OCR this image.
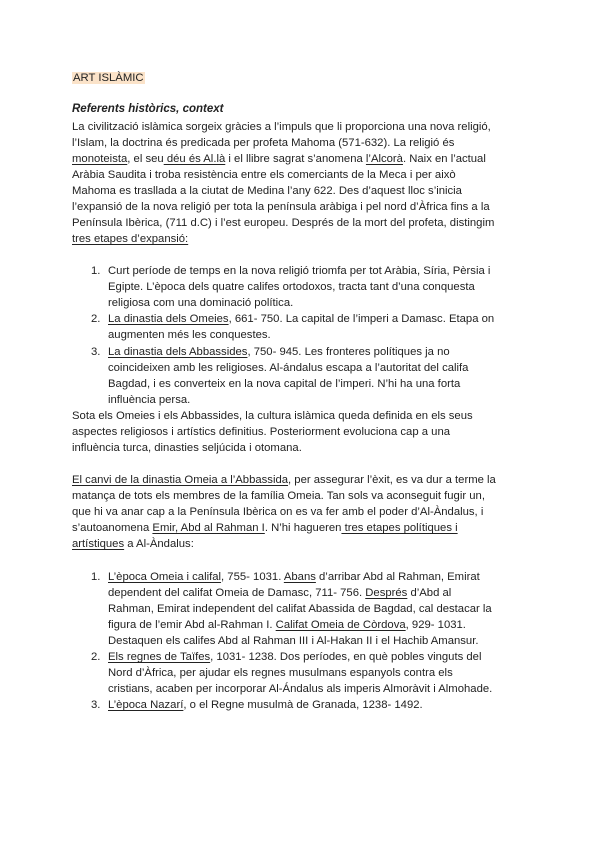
ART ISLÀMIC
Referents històrics, context
La civilització islàmica sorgeix gràcies a l’impuls que li proporciona una nova religió,
l’Islam, la doctrina és predicada per profeta Mahoma (571-632). La religió és
monoteista, el seu déu és Al.là i el llibre sagrat s’anomena l’Alcorà. Naix en l’actual
Aràbia Saudita i troba resistència entre els comerciants de la Meca i per això
Mahoma es trasllada a la ciutat de Medina l’any 622. Des d’aquest lloc s’inicia
l’expansió de la nova religió per tota la península aràbiga i pel nord d’Àfrica fins a la
Península Ibèrica, (711 d.C) i l’est europeu. Després de la mort del profeta, distingim
tres etapes d’expansió:
1. Curt període de temps en la nova religió triomfa per tot Aràbia, Síria, Pèrsia i
Egipte. L’època dels quatre califes ortodoxos, tracta tant d’una conquesta
religiosa com una dominació política.
2. La dinastia dels Omeies, 661- 750. La capital de l’imperi a Damasc. Etapa on
augmenten més les conquestes.
3. La dinastia dels Abbassides, 750- 945. Les fronteres polítiques ja no
coincideixen amb les religioses. Al-ándalus escapa a l’autoritat del califa
Bagdad, i es converteix en la nova capital de l’imperi. N’hi ha una forta
influència persa.
Sota els Omeies i els Abbassides, la cultura islàmica queda definida en els seus
aspectes religiosos i artístics definitius. Posteriorment evoluciona cap a una
influència turca, dinasties seljúcida i otomana.
El canvi de la dinastia Omeia a l’Abbassida, per assegurar l’èxit, es va dur a terme la
matança de tots els membres de la família Omeia. Tan sols va aconseguit fugir un,
que hi va anar cap a la Península Ibèrica on es va fer amb el poder d’Al-Àndalus, i
s’autoanomena Emir, Abd al Rahman I. N’hi hagueren tres etapes polítiques i
artístiques a Al-Àndalus:
1. L’època Omeia i califal, 755- 1031. Abans d’arribar Abd al Rahman, Emirat
dependent del califat Omeia de Damasc, 711- 756. Després d’Abd al
Rahman, Emirat independent del califat Abassida de Bagdad, cal destacar la
figura de l’emir Abd al-Rahman I. Califat Omeia de Còrdova, 929- 1031.
Destaquen els califes Abd al Rahman III i Al-Hakan II i el Hachib Amansur.
2. Els regnes de Taïfes, 1031- 1238. Dos períodes, en què pobles vinguts del
Nord d’Àfrica, per ajudar els regnes musulmans espanyols contra els
cristians, acaben per incorporar Al-Ándalus als imperis Almoràvit i Almohade.
3. L’època Nazarí, o el Regne musulmà de Granada, 1238- 1492.
